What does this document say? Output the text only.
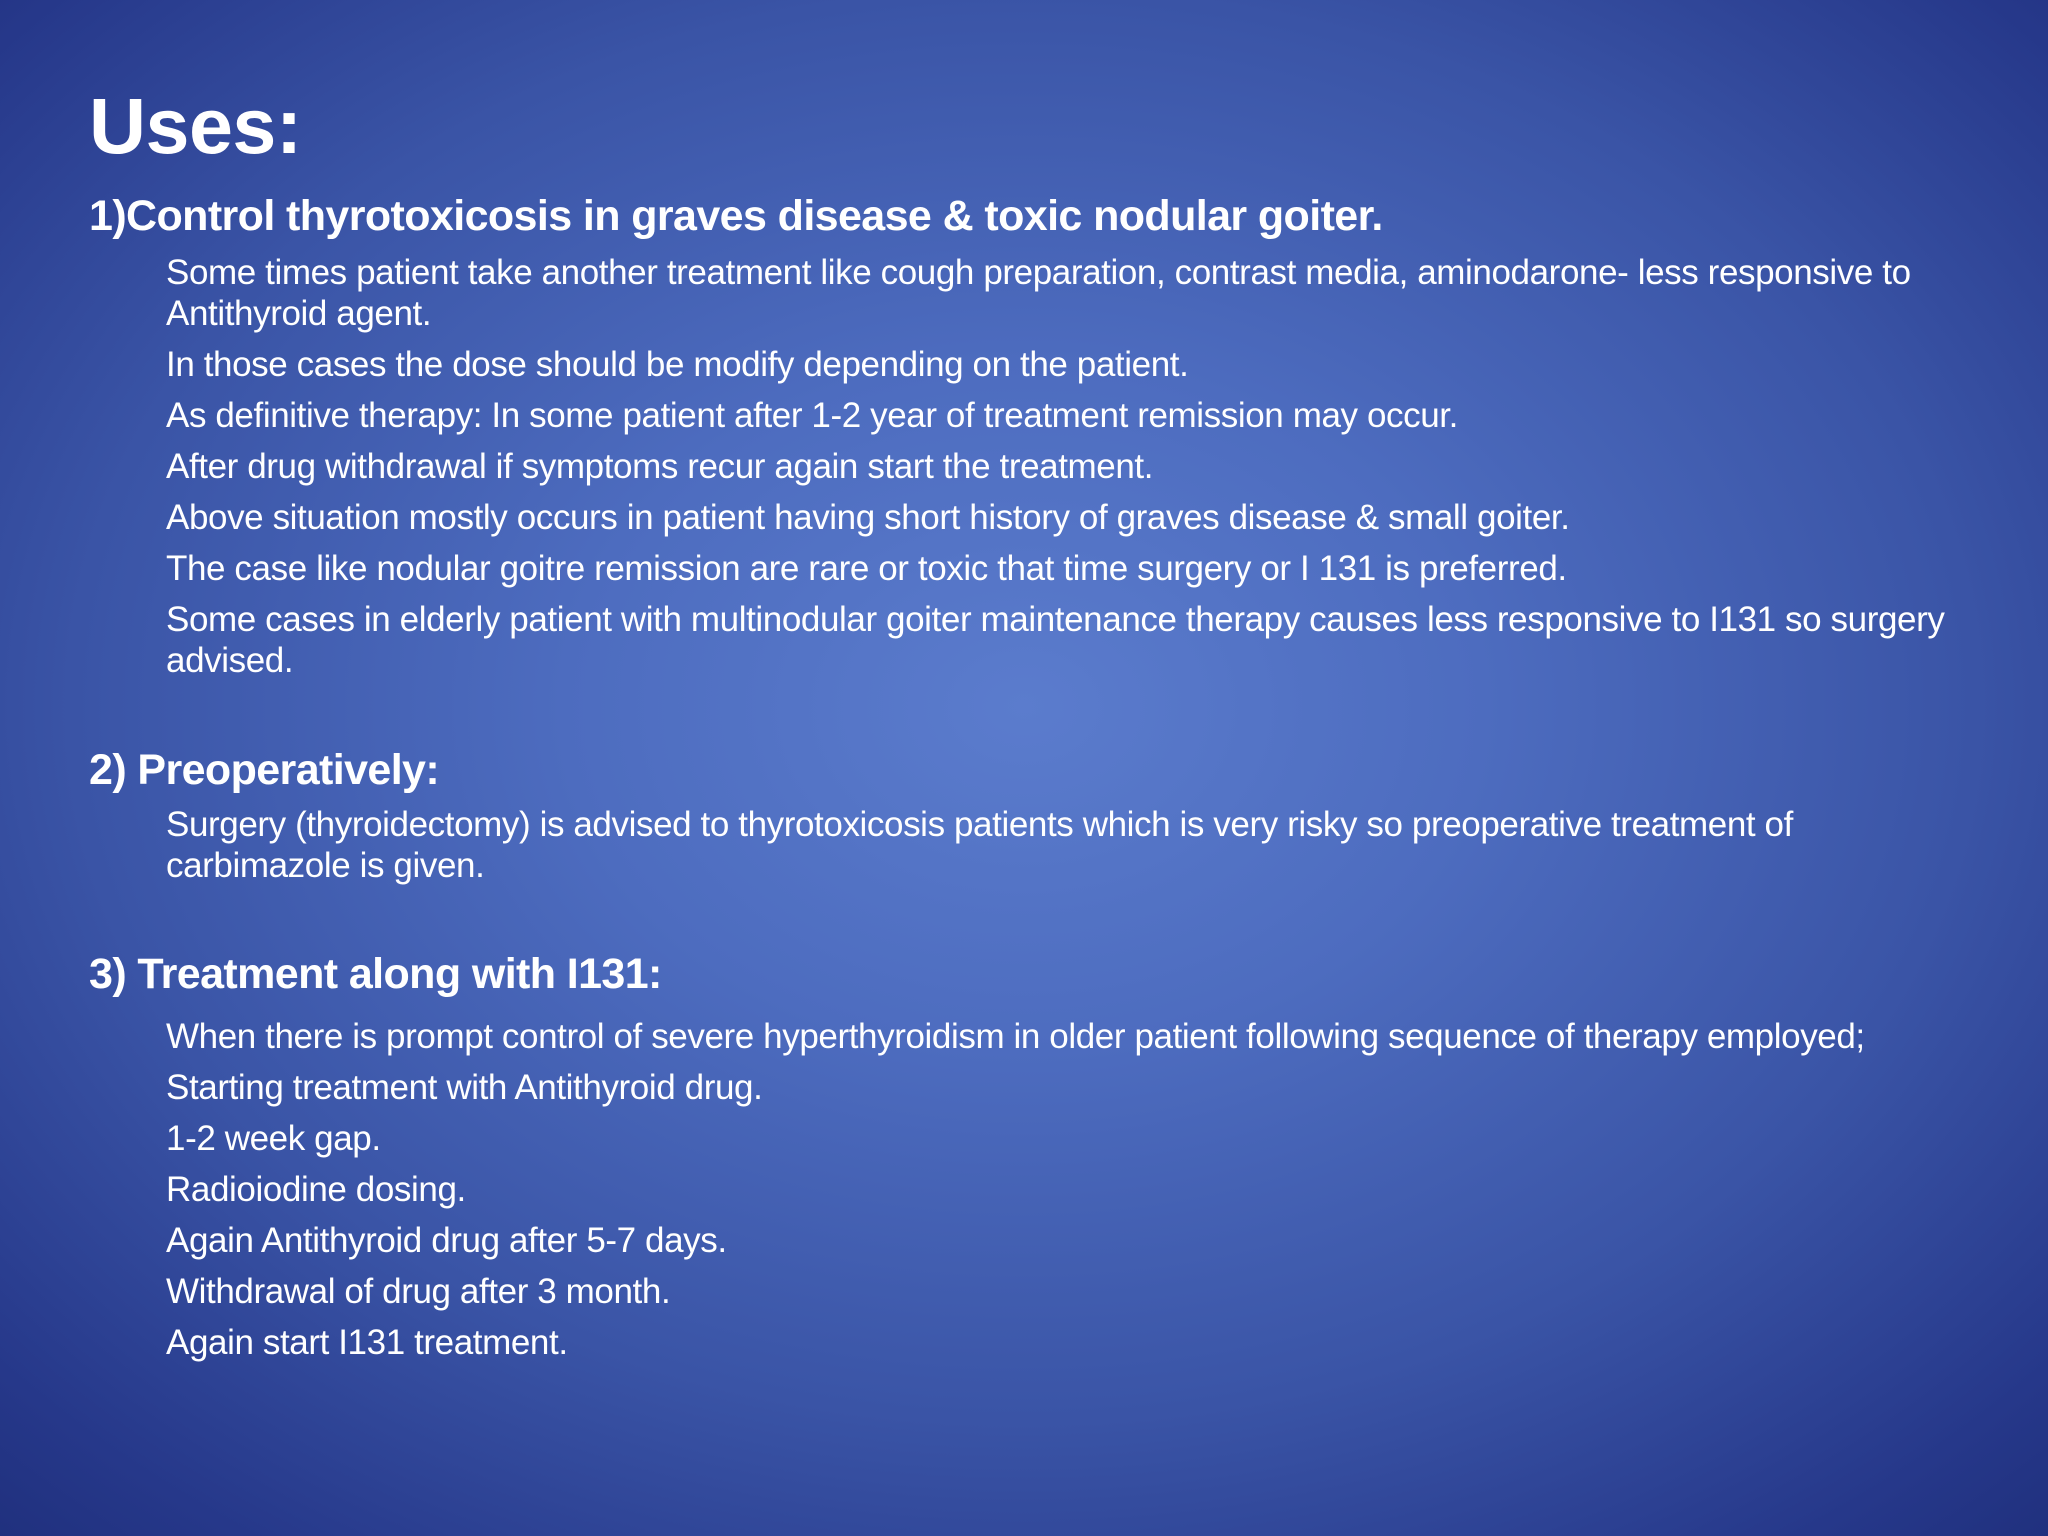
Uses:
1)Control thyrotoxicosis in graves disease & toxic nodular goiter.
Some times patient take another treatment like cough preparation, contrast media, aminodarone- less responsive to Antithyroid agent.
In those cases the dose should be modify depending on the patient.
As definitive therapy: In some patient after 1-2 year of treatment remission may occur.
After drug withdrawal if symptoms recur again start the treatment.
Above situation mostly occurs in patient having short history of graves disease & small goiter.
The case like nodular goitre remission are rare or toxic that time surgery or I 131 is preferred.
Some cases in elderly patient with multinodular goiter maintenance therapy causes less responsive to I131 so surgery advised.
2) Preoperatively:
Surgery (thyroidectomy) is advised to thyrotoxicosis patients which is very risky so preoperative treatment of carbimazole is given.
3) Treatment along with I131:
When there is prompt control of severe hyperthyroidism in older patient following sequence of therapy employed;
Starting treatment with Antithyroid drug.
1-2 week gap.
Radioiodine dosing.
Again Antithyroid drug after 5-7 days.
Withdrawal of drug after 3 month.
Again start I131 treatment.
